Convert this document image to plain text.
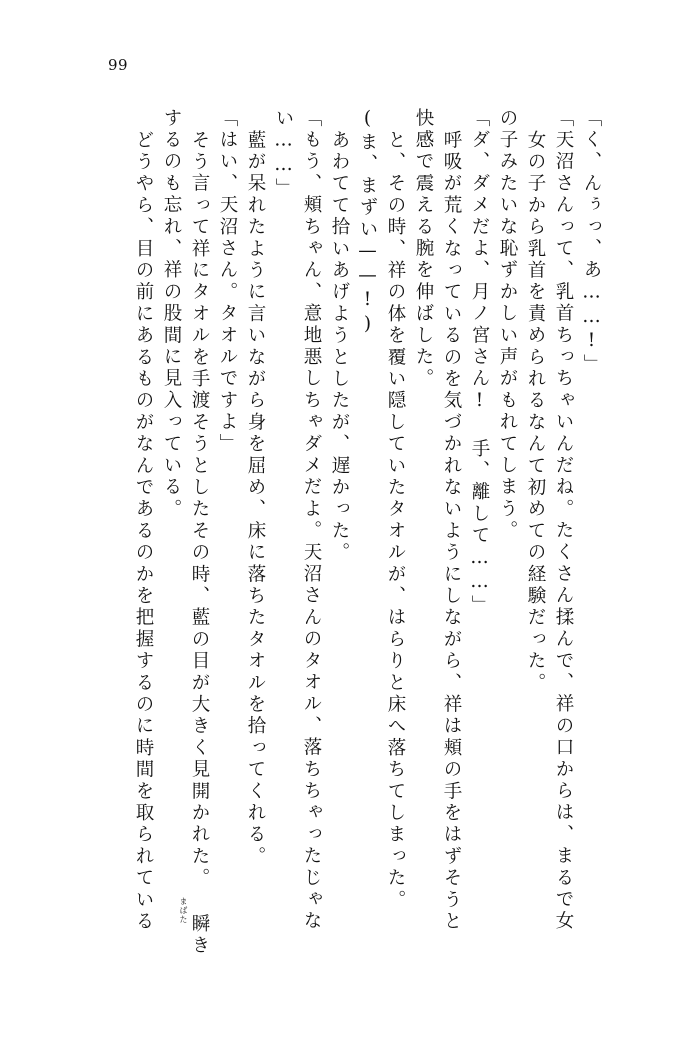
99
「く、んぅっ、あ……!」
「天沼さんって、乳首ちっちゃいんだね。たくさん揉んで、祥の口からは、まるで女
女の子から乳首を責められるなんて初めての経験だった。
の子みたいな恥ずかしい声がもれてしまう。
「ダ、ダメだよ、月ノ宮さん! 手、離して……」
呼吸が荒くなっているのを気づかれないようにしながら、祥は頬の手をはずそうと
快感で震える腕を伸ばした。
と、その時、祥の体を覆い隠していたタオルが、はらりと床へ落ちてしまった。
(ま、まずい——!)
あわてて拾いあげようとしたが、遅かった。
「もう、頬ちゃん、意地悪しちゃダメだよ。天沼さんのタオル、落ちちゃったじゃな
い……」
藍が呆れたように言いながら身を屈め、床に落ちたタオルを拾ってくれる。
「はい、天沼さん。タオルですよ」
そう言って祥にタオルを手渡そうとしたその時、藍の目が大きく見開かれた。 瞬き
するのも忘れ、祥の股間に見入っている。
どうやら、目の前にあるものがなんであるのかを把握するのに時間を取られている	まばた
